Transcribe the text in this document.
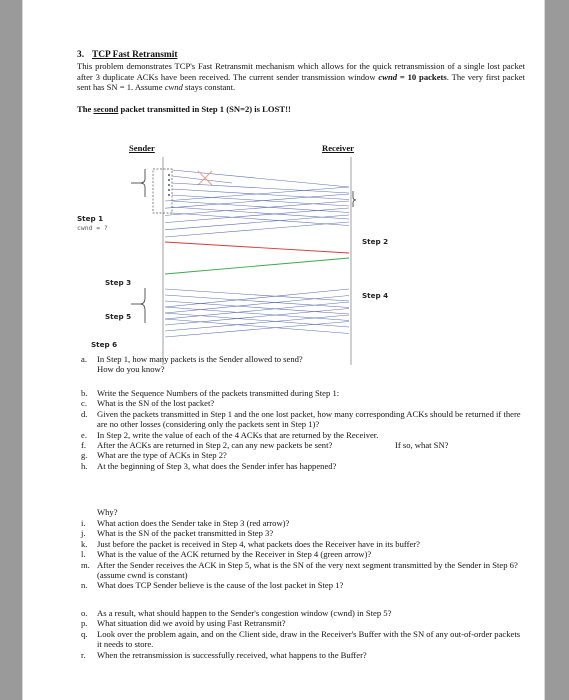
3. TCP Fast Retransmit
This problem demonstrates TCP's Fast Retransmit mechanism which allows for the quick retransmission of a single lost packet after 3 duplicate ACKs have been received. The current sender transmission window cwnd = 10 packets. The very first packet sent has SN = 1. Assume cwnd stays constant.
The second packet transmitted in Step 1 (SN=2) is LOST!!
Sender	Receiver
Step 1
cwnd = ?
Step 2
Step 3
Step 4
Step 5
Step 6
a. In Step 1, how many packets is the Sender allowed to send?
How do you know?
b. Write the Sequence Numbers of the packets transmitted during Step 1:
c. What is the SN of the lost packet?
d. Given the packets transmitted in Step 1 and the one lost packet, how many corresponding ACKs should be returned if there are no other losses (considering only the packets sent in Step 1)?
e. In Step 2, write the value of each of the 4 ACKs that are returned by the Receiver.
f. After the ACKs are returned in Step 2, can any new packets be sent?	If so, what SN?
g. What are the type of ACKs in Step 2?
h. At the beginning of Step 3, what does the Sender infer has happened?
Why?
i. What action does the Sender take in Step 3 (red arrow)?
j. What is the SN of the packet transmitted in Step 3?
k. Just before the packet is received in Step 4, what packets does the Receiver have in its buffer?
l. What is the value of the ACK returned by the Receiver in Step 4 (green arrow)?
m. After the Sender receives the ACK in Step 5, what is the SN of the very next segment transmitted by the Sender in Step 6? (assume cwnd is constant)
n. What does TCP Sender believe is the cause of the lost packet in Step 1?
o. As a result, what should happen to the Sender's congestion window (cwnd) in Step 5?
p. What situation did we avoid by using Fast Retransmit?
q. Look over the problem again, and on the Client side, draw in the Receiver's Buffer with the SN of any out-of-order packets it needs to store.
r. When the retransmission is successfully received, what happens to the Buffer?
